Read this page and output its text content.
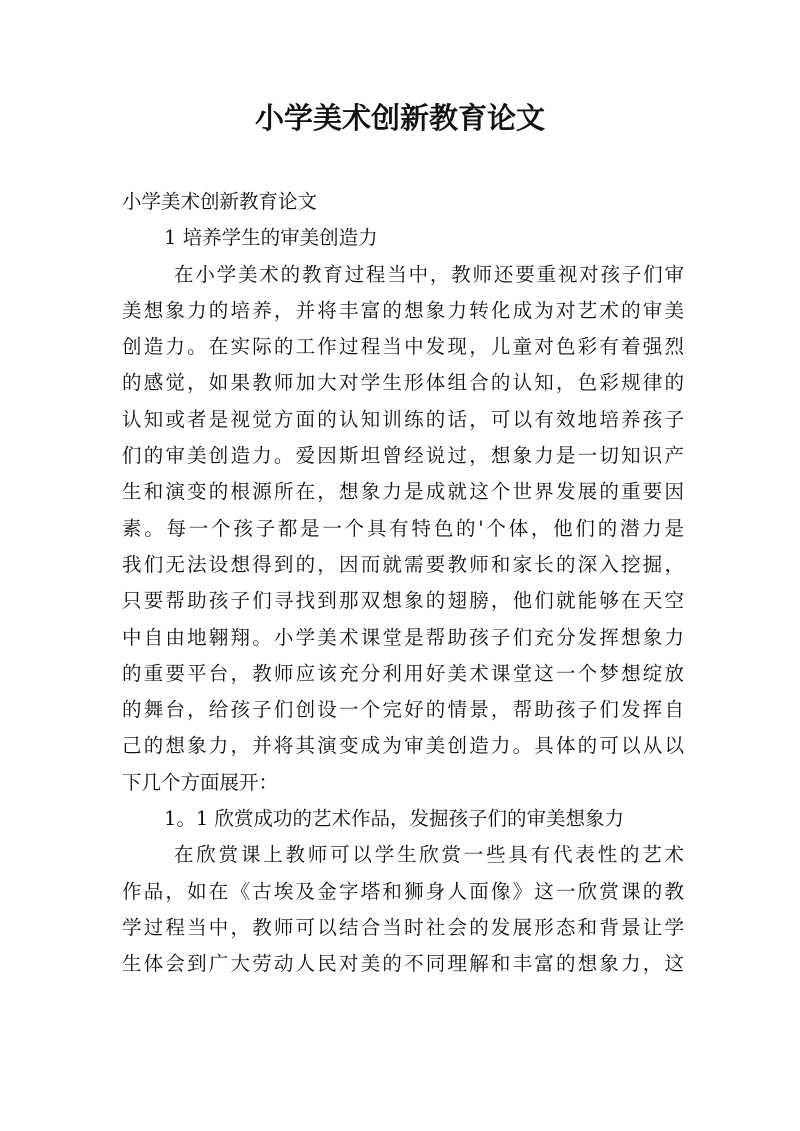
小学美术创新教育论文
小学美术创新教育论文
1 培养学生的审美创造力
在小学美术的教育过程当中，教师还要重视对孩子们审
美想象力的培养，并将丰富的想象力转化成为对艺术的审美
创造力。在实际的工作过程当中发现，儿童对色彩有着强烈
的感觉，如果教师加大对学生形体组合的认知，色彩规律的
认知或者是视觉方面的认知训练的话，可以有效地培养孩子
们的审美创造力。爱因斯坦曾经说过，想象力是一切知识产
生和演变的根源所在，想象力是成就这个世界发展的重要因
素。每一个孩子都是一个具有特色的'个体，他们的潜力是
我们无法设想得到的，因而就需要教师和家长的深入挖掘，
只要帮助孩子们寻找到那双想象的翅膀，他们就能够在天空
中自由地翱翔。小学美术课堂是帮助孩子们充分发挥想象力
的重要平台，教师应该充分利用好美术课堂这一个梦想绽放
的舞台，给孩子们创设一个完好的情景，帮助孩子们发挥自
己的想象力，并将其演变成为审美创造力。具体的可以从以
下几个方面展开：
1。1 欣赏成功的艺术作品，发掘孩子们的审美想象力
在欣赏课上教师可以学生欣赏一些具有代表性的艺术
作品，如在《古埃及金字塔和狮身人面像》这一欣赏课的教
学过程当中，教师可以结合当时社会的发展形态和背景让学
生体会到广大劳动人民对美的不同理解和丰富的想象力，这
